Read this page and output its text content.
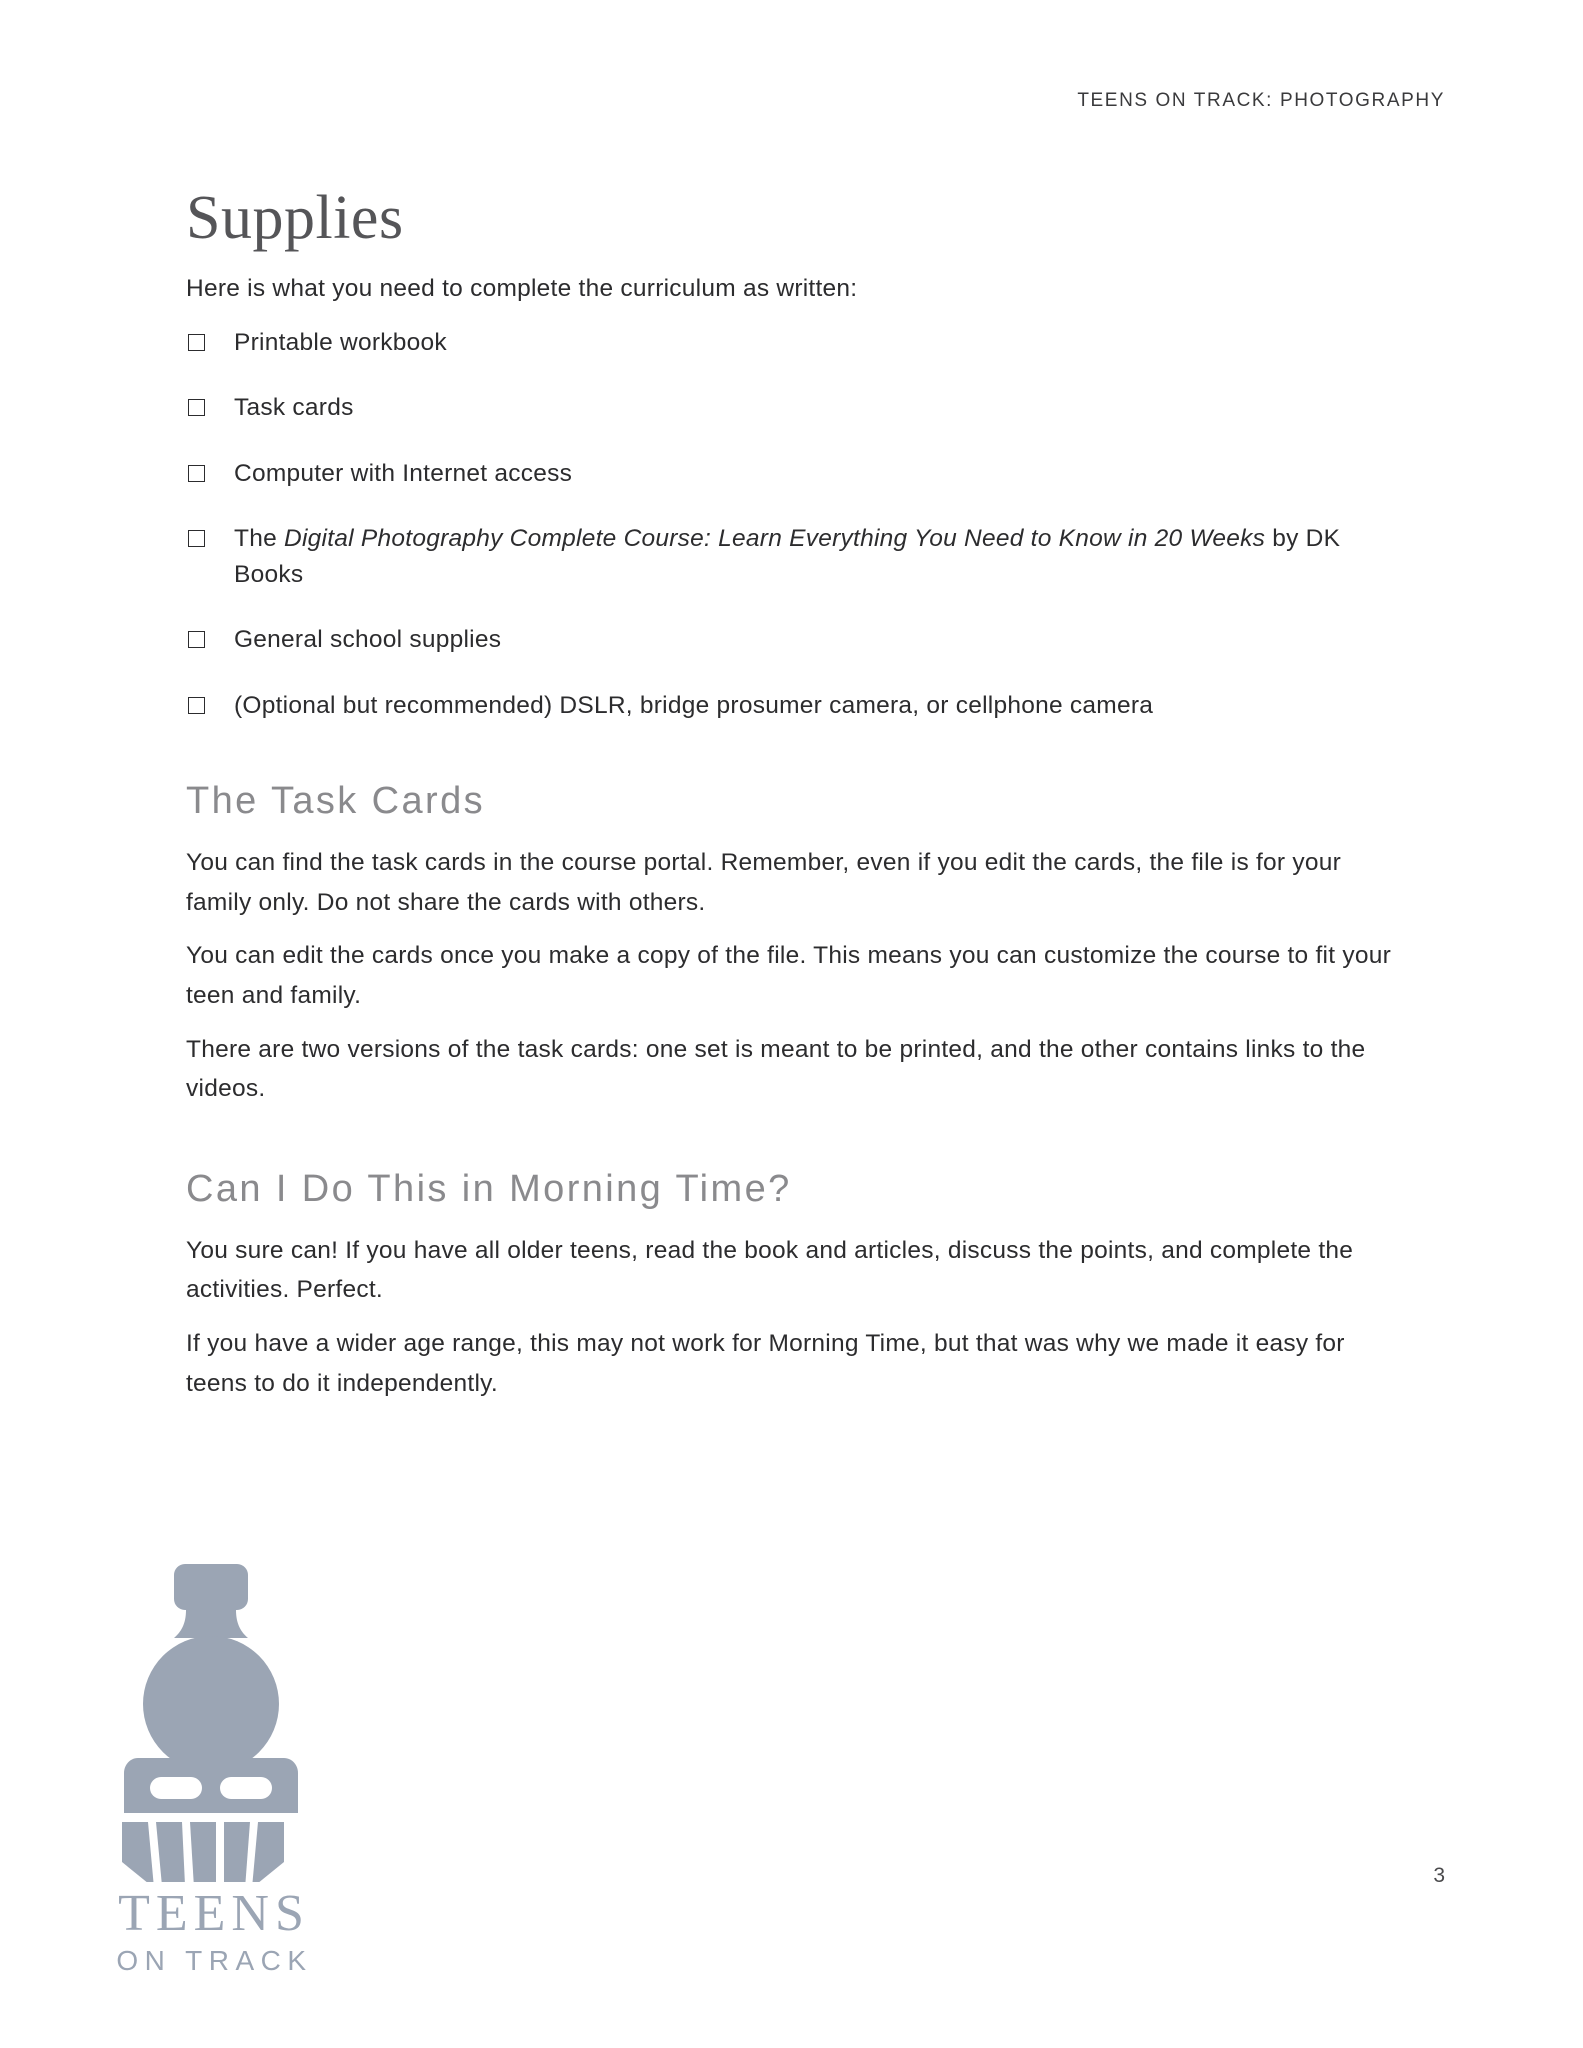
TEENS ON TRACK: PHOTOGRAPHY
Supplies

Here is what you need to complete the curriculum as written:

Printable workbook
Task cards
Computer with Internet access
The Digital Photography Complete Course: Learn Everything You Need to Know in 20 Weeks by DK Books
General school supplies
(Optional but recommended) DSLR, bridge prosumer camera, or cellphone camera
The Task Cards

You can find the task cards in the course portal. Remember, even if you edit the cards, the file is for your family only. Do not share the cards with others.

You can edit the cards once you make a copy of the file. This means you can customize the course to fit your teen and family.

There are two versions of the task cards: one set is meant to be printed, and the other contains links to the videos.

Can I Do This in Morning Time?

You sure can! If you have all older teens, read the book and articles, discuss the points, and complete the activities. Perfect.

If you have a wider age range, this may not work for Morning Time, but that was why we made it easy for teens to do it independently.

TEENS
ON TRACK
3
